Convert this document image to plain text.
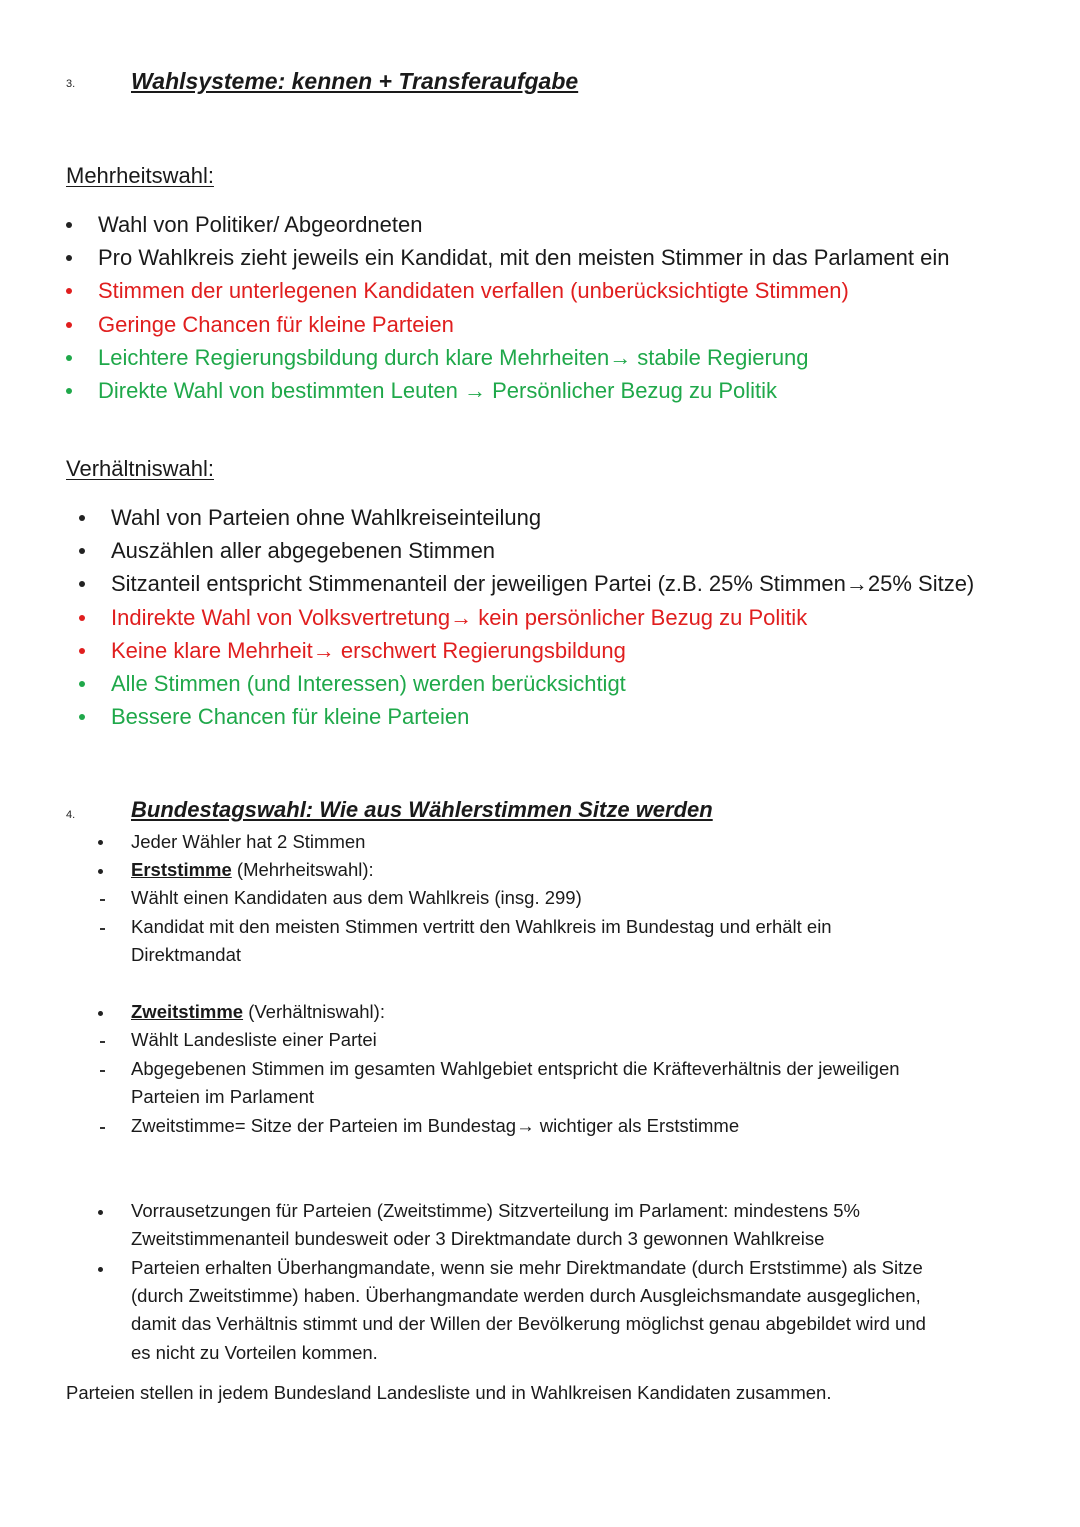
3. Wahlsysteme: kennen + Transferaufgabe
Mehrheitswahl:
Wahl von Politiker/ Abgeordneten
Pro Wahlkreis zieht jeweils ein Kandidat, mit den meisten Stimmer in das Parlament ein
Stimmen der unterlegenen Kandidaten verfallen (unberücksichtigte Stimmen)
Geringe Chancen für kleine Parteien
Leichtere Regierungsbildung durch klare Mehrheiten→ stabile Regierung
Direkte Wahl von bestimmten Leuten → Persönlicher Bezug zu Politik
Verhältniswahl:
Wahl von Parteien ohne Wahlkreiseinteilung
Auszählen aller abgegebenen Stimmen
Sitzanteil entspricht Stimmenanteil der jeweiligen Partei (z.B. 25% Stimmen→25% Sitze)
Indirekte Wahl von Volksvertretung→ kein persönlicher Bezug zu Politik
Keine klare Mehrheit→ erschwert Regierungsbildung
Alle Stimmen (und Interessen) werden berücksichtigt
Bessere Chancen für kleine Parteien
4.	Bundestagswahl: Wie aus Wählerstimmen Sitze werden
Jeder Wähler hat 2 Stimmen
Erststimme (Mehrheitswahl):
Wählt einen Kandidaten aus dem Wahlkreis (insg. 299)
Kandidat mit den meisten Stimmen vertritt den Wahlkreis im Bundestag und erhält ein
Direktmandat
Zweitstimme (Verhältniswahl):
Wählt Landesliste einer Partei
Abgegebenen Stimmen im gesamten Wahlgebiet entspricht die Kräfteverhältnis der jeweiligen
Parteien im Parlament
Zweitstimme= Sitze der Parteien im Bundestag→ wichtiger als Erststimme
Vorrausetzungen für Parteien (Zweitstimme) Sitzverteilung im Parlament: mindestens 5%
Zweitstimmenanteil bundesweit oder 3 Direktmandate durch 3 gewonnen Wahlkreise
Parteien erhalten Überhangmandate, wenn sie mehr Direktmandate (durch Erststimme) als Sitze
(durch Zweitstimme) haben. Überhangmandate werden durch Ausgleichsmandate ausgeglichen,
damit das Verhältnis stimmt und der Willen der Bevölkerung möglichst genau abgebildet wird und
es nicht zu Vorteilen kommen.
Parteien stellen in jedem Bundesland Landesliste und in Wahlkreisen Kandidaten zusammen.
